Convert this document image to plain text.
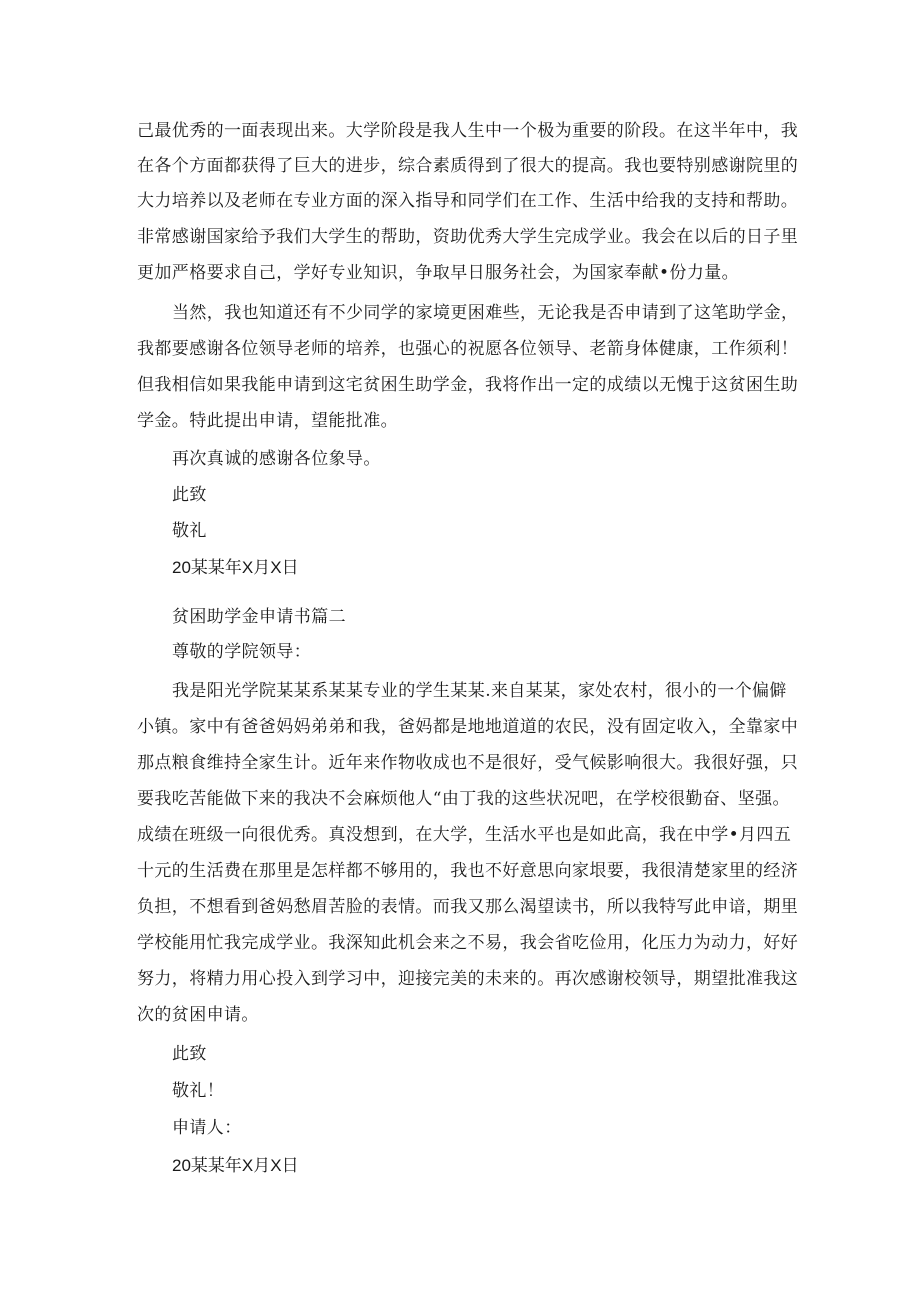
己最优秀的一面表现出来。大学阶段是我人生中一个极为重要的阶段。在这半年中，我
在各个方面都获得了巨大的进步，综合素质得到了很大的提高。我也要特别感谢院里的
大力培养以及老师在专业方面的深入指导和同学们在工作、生活中给我的支持和帮助。
非常感谢国家给予我们大学生的帮助，资助优秀大学生完成学业。我会在以后的日子里
更加严格要求自己，学好专业知识，争取早日服务社会，为国家奉献•份力量。
当然，我也知道还有不少同学的家境更困难些，无论我是否申请到了这笔助学金，
我都要感谢各位领导老师的培养，也强心的祝愿各位领导、老箭身体健康，工作须利！
但我相信如果我能申请到这宅贫困生助学金，我将作出一定的成绩以无愧于这贫困生助
学金。特此提出申请，望能批准。
再次真诚的感谢各位象导。
此致
敬礼
20某某年X月X日
贫困助学金申请书篇二
尊敬的学院领导：
我是阳光学院某某系某某专业的学生某某.来自某某，家处农村，很小的一个偏僻
小镇。家中有爸爸妈妈弟弟和我，爸妈都是地地道道的农民，没有固定收入，全靠家中
那点粮食维持全家生计。近年来作物收成也不是很好，受气候影响很大。我很好强，只
要我吃苦能做下来的我决不会麻烦他人“由丁我的这些状况吧，在学校很勤奋、坚强。
成绩在班级一向很优秀。真没想到，在大学，生活水平也是如此高，我在中学•月四五
十元的生活费在那里是怎样都不够用的，我也不好意思向家垠要，我很清楚家里的经济
负担，不想看到爸妈愁眉苦脸的表情。而我又那么渴望读书，所以我特写此申谙，期里
学校能用忙我完成学业。我深知此机会来之不易，我会省吃俭用，化压力为动力，好好
努力，将精力用心投入到学习中，迎接完美的未来的。再次感谢校领导，期望批准我这
次的贫困申请。
此致
敬礼！
申请人：
20某某年X月X日
